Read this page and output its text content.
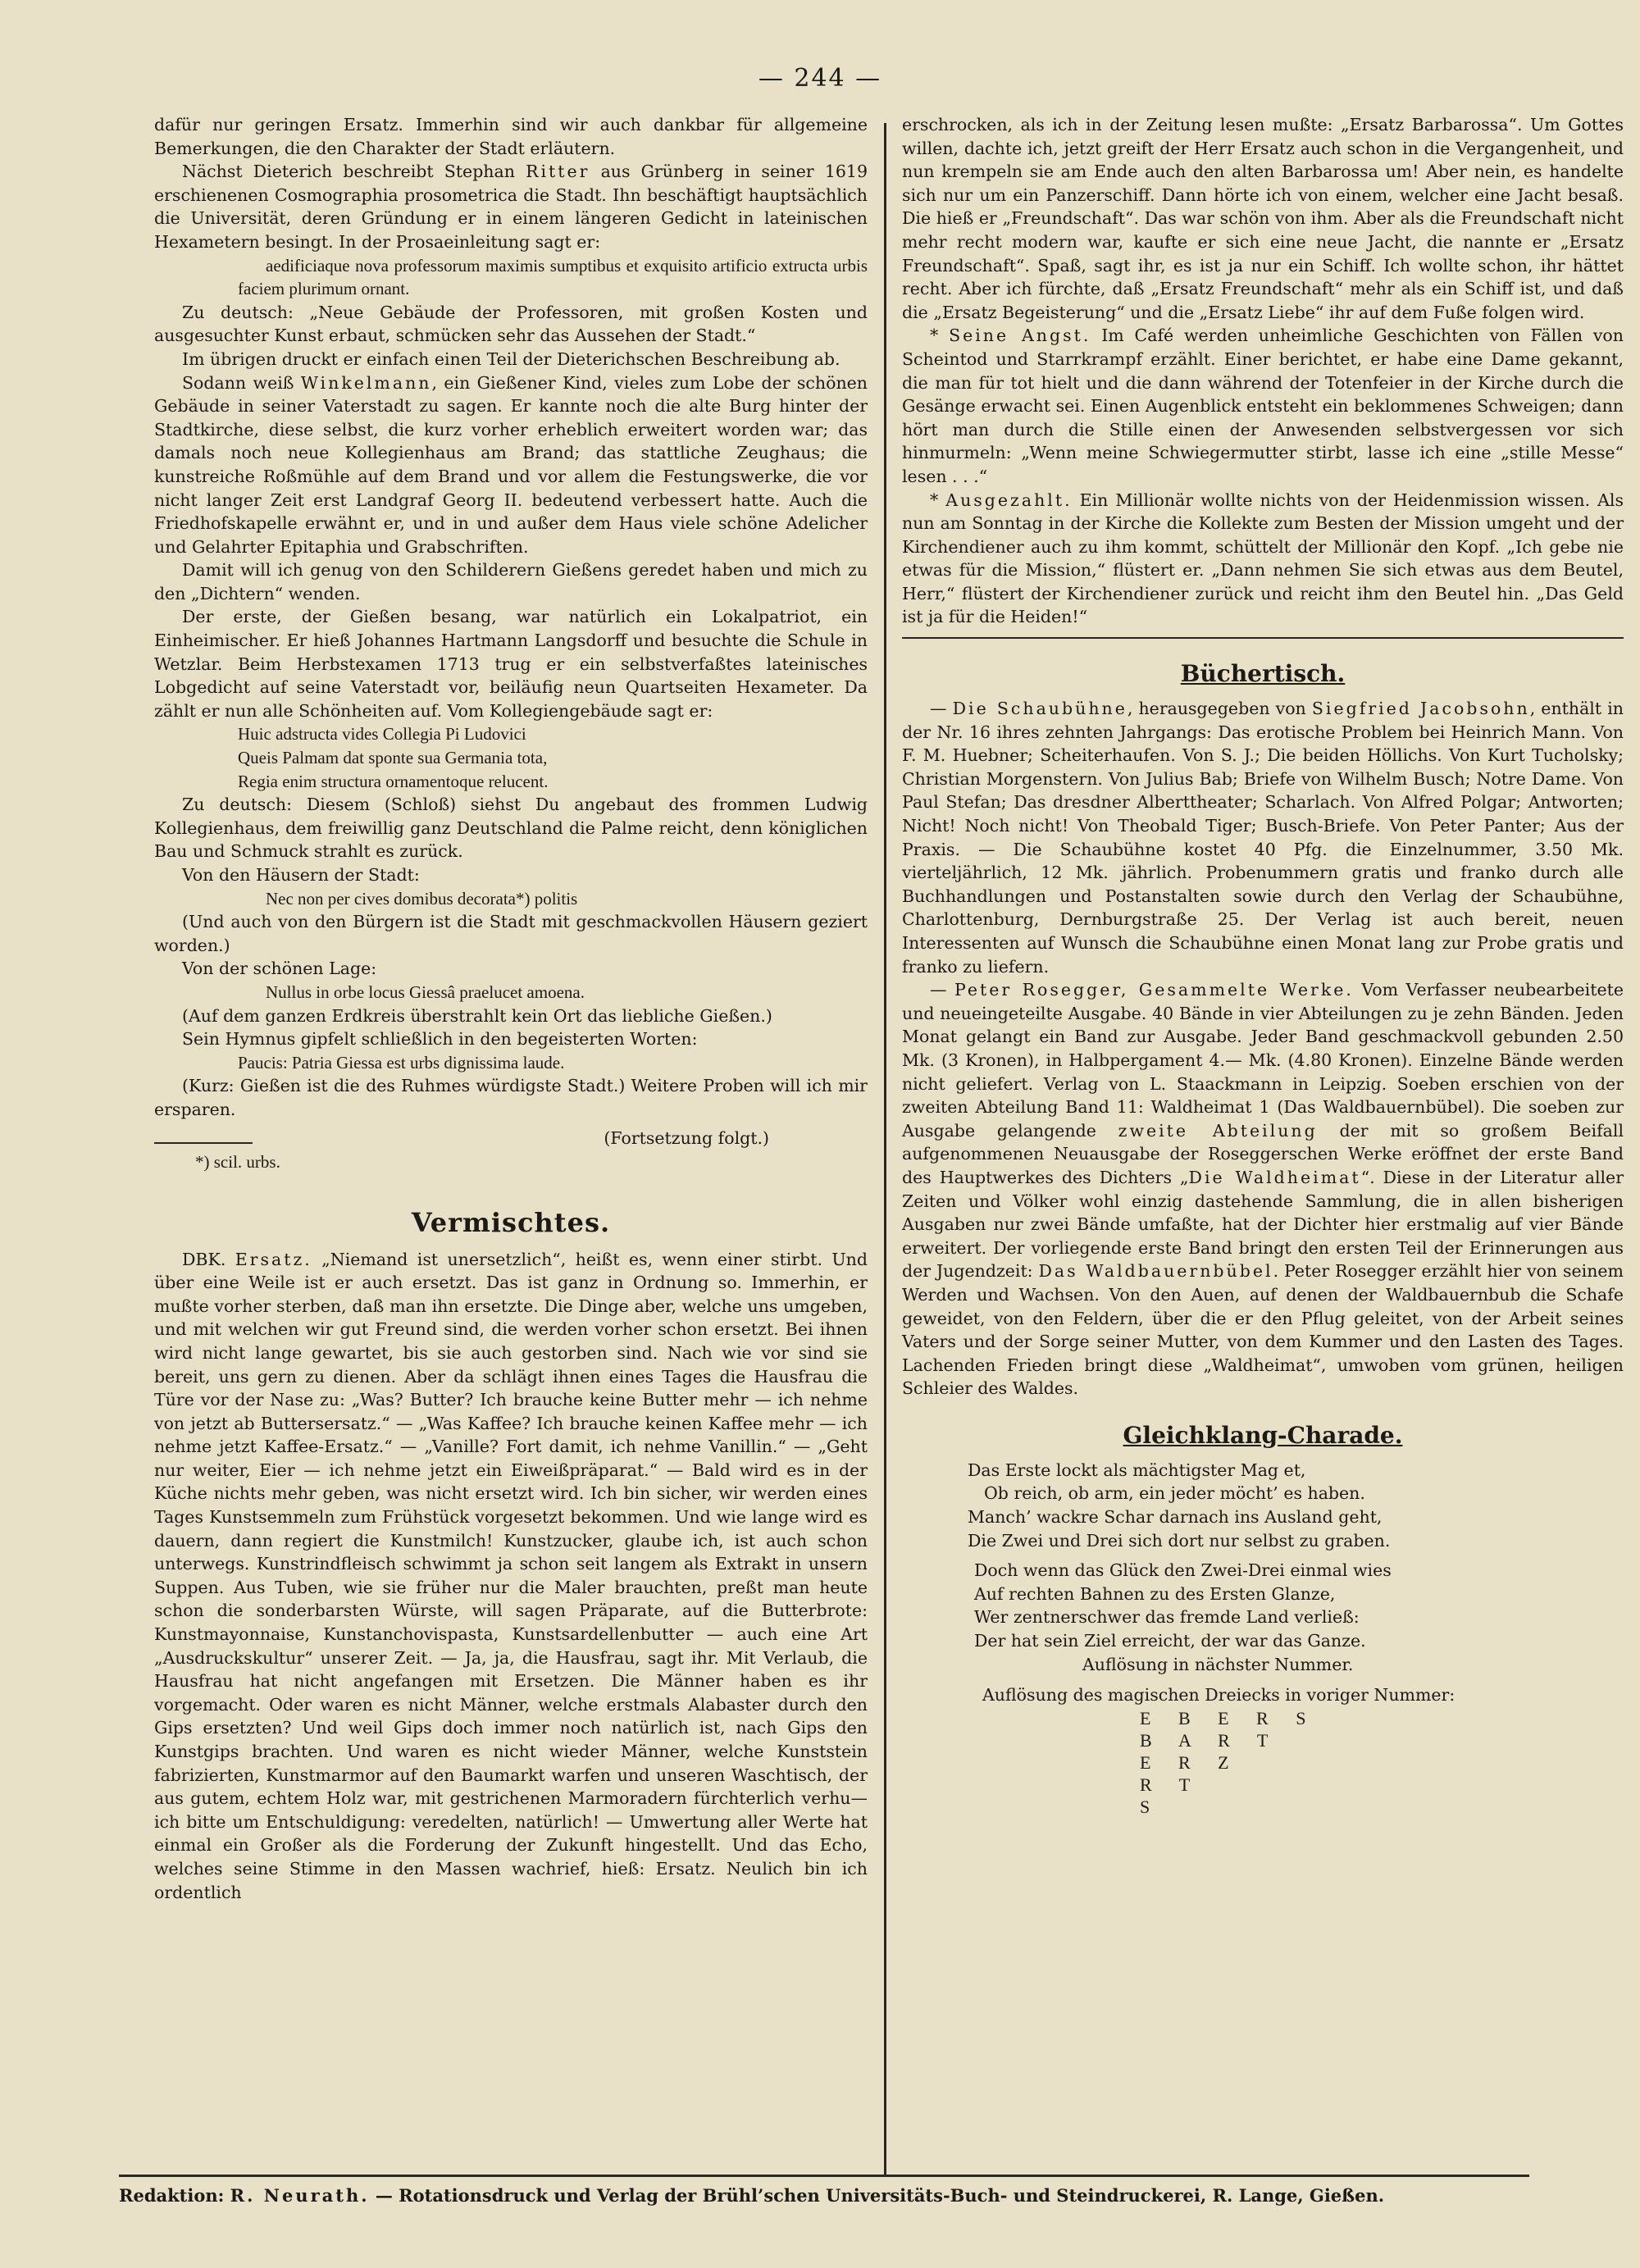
— 244 —

dafür nur geringen Ersatz. Immerhin sind wir auch dankbar für allgemeine Bemerkungen, die den Charakter der Stadt erläutern.

Nächst Dieterich beschreibt Stephan Ritter aus Grünberg in seiner 1619 erschienenen Cosmographia prosometrica die Stadt. Ihn beschäftigt hauptsächlich die Universität, deren Gründung er in einem längeren Gedicht in lateinischen Hexametern besingt. In der Prosaeinleitung sagt er:

aedificiaque nova professorum maximis sumptibus et exquisito artificio extructa urbis faciem plurimum ornant.

Zu deutsch: „Neue Gebäude der Professoren, mit großen Kosten und ausgesuchter Kunst erbaut, schmücken sehr das Aussehen der Stadt.“

Im übrigen druckt er einfach einen Teil der Dieterichschen Beschreibung ab.

Sodann weiß Winkelmann, ein Gießener Kind, vieles zum Lobe der schönen Gebäude in seiner Vaterstadt zu sagen. Er kannte noch die alte Burg hinter der Stadtkirche, diese selbst, die kurz vorher erheblich erweitert worden war; das damals noch neue Kollegienhaus am Brand; das stattliche Zeughaus; die kunstreiche Roßmühle auf dem Brand und vor allem die Festungswerke, die vor nicht langer Zeit erst Landgraf Georg II. bedeutend verbessert hatte. Auch die Friedhofskapelle erwähnt er, und in und außer dem Haus viele schöne Adelicher und Gelahrter Epitaphia und Grabschriften.

Damit will ich genug von den Schilderern Gießens geredet haben und mich zu den „Dichtern“ wenden.

Der erste, der Gießen besang, war natürlich ein Lokalpatriot, ein Einheimischer. Er hieß Johannes Hartmann Langsdorff und besuchte die Schule in Wetzlar. Beim Herbstexamen 1713 trug er ein selbstverfaßtes lateinisches Lobgedicht auf seine Vaterstadt vor, beiläufig neun Quartseiten Hexameter. Da zählt er nun alle Schönheiten auf. Vom Kollegiengebäude sagt er:

Huic adstructa vides Collegia Pi Ludovici
Queis Palmam dat sponte sua Germania tota,
Regia enim structura ornamentoque relucent.

Zu deutsch: Diesem (Schloß) siehst Du angebaut des frommen Ludwig Kollegienhaus, dem freiwillig ganz Deutschland die Palme reicht, denn königlichen Bau und Schmuck strahlt es zurück.

Von den Häusern der Stadt:

Nec non per cives domibus decorata*) politis

(Und auch von den Bürgern ist die Stadt mit geschmackvollen Häusern geziert worden.)

Von der schönen Lage:

Nullus in orbe locus Giessâ praelucet amoena.

(Auf dem ganzen Erdkreis überstrahlt kein Ort das liebliche Gießen.)

Sein Hymnus gipfelt schließlich in den begeisterten Worten:

Paucis: Patria Giessa est urbs dignissima laude.

(Kurz: Gießen ist die des Ruhmes würdigste Stadt.) Weitere Proben will ich mir ersparen.

(Fortsetzung folgt.)
*) scil. urbs.
Vermischtes.

DBK. Ersatz. „Niemand ist unersetzlich“, heißt es, wenn einer stirbt. Und über eine Weile ist er auch ersetzt. Das ist ganz in Ordnung so. Immerhin, er mußte vorher sterben, daß man ihn ersetzte. Die Dinge aber, welche uns umgeben, und mit welchen wir gut Freund sind, die werden vorher schon ersetzt. Bei ihnen wird nicht lange gewartet, bis sie auch gestorben sind. Nach wie vor sind sie bereit, uns gern zu dienen. Aber da schlägt ihnen eines Tages die Hausfrau die Türe vor der Nase zu: „Was? Butter? Ich brauche keine Butter mehr — ich nehme von jetzt ab Buttersersatz.“ — „Was Kaffee? Ich brauche keinen Kaffee mehr — ich nehme jetzt Kaffee-Ersatz.“ — „Vanille? Fort damit, ich nehme Vanillin.“ — „Geht nur weiter, Eier — ich nehme jetzt ein Eiweißpräparat.“ — Bald wird es in der Küche nichts mehr geben, was nicht ersetzt wird. Ich bin sicher, wir werden eines Tages Kunstsemmeln zum Frühstück vorgesetzt bekommen. Und wie lange wird es dauern, dann regiert die Kunstmilch! Kunstzucker, glaube ich, ist auch schon unterwegs. Kunstrindfleisch schwimmt ja schon seit langem als Extrakt in unsern Suppen. Aus Tuben, wie sie früher nur die Maler brauchten, preßt man heute schon die sonderbarsten Würste, will sagen Präparate, auf die Butterbrote: Kunstmayonnaise, Kunstanchovispasta, Kunstsardellenbutter — auch eine Art „Ausdruckskultur“ unserer Zeit. — Ja, ja, die Hausfrau, sagt ihr. Mit Verlaub, die Hausfrau hat nicht angefangen mit Ersetzen. Die Männer haben es ihr vorgemacht. Oder waren es nicht Männer, welche erstmals Alabaster durch den Gips ersetzten? Und weil Gips doch immer noch natürlich ist, nach Gips den Kunstgips brachten. Und waren es nicht wieder Männer, welche Kunststein fabrizierten, Kunstmarmor auf den Baumarkt warfen und unseren Waschtisch, der aus gutem, echtem Holz war, mit gestrichenen Marmoradern fürchterlich verhu— ich bitte um Entschuldigung: veredelten, natürlich! — Umwertung aller Werte hat einmal ein Großer als die Forderung der Zukunft hingestellt. Und das Echo, welches seine Stimme in den Massen wachrief, hieß: Ersatz. Neulich bin ich ordentlich

erschrocken, als ich in der Zeitung lesen mußte: „Ersatz Barbarossa“. Um Gottes willen, dachte ich, jetzt greift der Herr Ersatz auch schon in die Vergangenheit, und nun krempeln sie am Ende auch den alten Barbarossa um! Aber nein, es handelte sich nur um ein Panzerschiff. Dann hörte ich von einem, welcher eine Jacht besaß. Die hieß er „Freundschaft“. Das war schön von ihm. Aber als die Freundschaft nicht mehr recht modern war, kaufte er sich eine neue Jacht, die nannte er „Ersatz Freundschaft“. Spaß, sagt ihr, es ist ja nur ein Schiff. Ich wollte schon, ihr hättet recht. Aber ich fürchte, daß „Ersatz Freundschaft“ mehr als ein Schiff ist, und daß die „Ersatz Begeisterung“ und die „Ersatz Liebe“ ihr auf dem Fuße folgen wird.

* Seine Angst. Im Café werden unheimliche Geschichten von Fällen von Scheintod und Starrkrampf erzählt. Einer berichtet, er habe eine Dame gekannt, die man für tot hielt und die dann während der Totenfeier in der Kirche durch die Gesänge erwacht sei. Einen Augenblick entsteht ein beklommenes Schweigen; dann hört man durch die Stille einen der Anwesenden selbstvergessen vor sich hinmurmeln: „Wenn meine Schwiegermutter stirbt, lasse ich eine „stille Messe“ lesen . . .“

* Ausgezahlt. Ein Millionär wollte nichts von der Heidenmission wissen. Als nun am Sonntag in der Kirche die Kollekte zum Besten der Mission umgeht und der Kirchendiener auch zu ihm kommt, schüttelt der Millionär den Kopf. „Ich gebe nie etwas für die Mission,“ flüstert er. „Dann nehmen Sie sich etwas aus dem Beutel, Herr,“ flüstert der Kirchendiener zurück und reicht ihm den Beutel hin. „Das Geld ist ja für die Heiden!“

Büchertisch.

— Die Schaubühne, herausgegeben von Siegfried Jacobsohn, enthält in der Nr. 16 ihres zehnten Jahrgangs: Das erotische Problem bei Heinrich Mann. Von F. M. Huebner; Scheiterhaufen. Von S. J.; Die beiden Höllichs. Von Kurt Tucholsky; Christian Morgenstern. Von Julius Bab; Briefe von Wilhelm Busch; Notre Dame. Von Paul Stefan; Das dresdner Alberttheater; Scharlach. Von Alfred Polgar; Antworten; Nicht! Noch nicht! Von Theobald Tiger; Busch-Briefe. Von Peter Panter; Aus der Praxis. — Die Schaubühne kostet 40 Pfg. die Einzelnummer, 3.50 Mk. vierteljährlich, 12 Mk. jährlich. Probenummern gratis und franko durch alle Buchhandlungen und Postanstalten sowie durch den Verlag der Schaubühne, Charlottenburg, Dernburgstraße 25. Der Verlag ist auch bereit, neuen Interessenten auf Wunsch die Schaubühne einen Monat lang zur Probe gratis und franko zu liefern.

— Peter Rosegger, Gesammelte Werke. Vom Verfasser neubearbeitete und neueingeteilte Ausgabe. 40 Bände in vier Abteilungen zu je zehn Bänden. Jeden Monat gelangt ein Band zur Ausgabe. Jeder Band geschmackvoll gebunden 2.50 Mk. (3 Kronen), in Halbpergament 4.— Mk. (4.80 Kronen). Einzelne Bände werden nicht geliefert. Verlag von L. Staackmann in Leipzig. Soeben erschien von der zweiten Abteilung Band 11: Waldheimat 1 (Das Waldbauernbübel). Die soeben zur Ausgabe gelangende zweite Abteilung der mit so großem Beifall aufgenommenen Neuausgabe der Roseggerschen Werke eröffnet der erste Band des Hauptwerkes des Dichters „Die Waldheimat“. Diese in der Literatur aller Zeiten und Völker wohl einzig dastehende Sammlung, die in allen bisherigen Ausgaben nur zwei Bände umfaßte, hat der Dichter hier erstmalig auf vier Bände erweitert. Der vorliegende erste Band bringt den ersten Teil der Erinnerungen aus der Jugendzeit: Das Waldbauernbübel. Peter Rosegger erzählt hier von seinem Werden und Wachsen. Von den Auen, auf denen der Waldbauernbub die Schafe geweidet, von den Feldern, über die er den Pflug geleitet, von der Arbeit seines Vaters und der Sorge seiner Mutter, von dem Kummer und den Lasten des Tages. Lachenden Frieden bringt diese „Waldheimat“, umwoben vom grünen, heiligen Schleier des Waldes.

Gleichklang-Charade.
Das Erste lockt als mächtigster Mag et,
Ob reich, ob arm, ein jeder möcht’ es haben.
Manch’ wackre Schar darnach ins Ausland geht,
Die Zwei und Drei sich dort nur selbst zu graben.
Doch wenn das Glück den Zwei-Drei einmal wies
Auf rechten Bahnen zu des Ersten Glanze,
Wer zentnerschwer das fremde Land verließ:
Der hat sein Ziel erreicht, der war das Ganze.
Auflösung in nächster Nummer.
Auflösung des magischen Dreiecks in voriger Nummer:
E B E R S
B A R T
E R Z
R T
S
Redaktion: R. Neurath. — Rotationsdruck und Verlag der Brühl’schen Universitäts-Buch- und Steindruckerei, R. Lange, Gießen.
